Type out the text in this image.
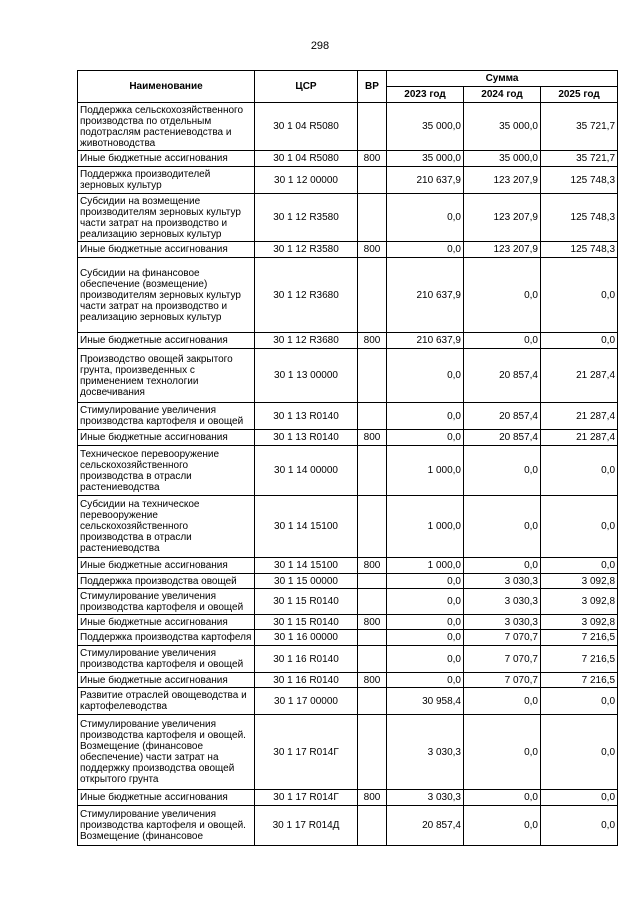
298
Наименование	ЦСР	ВР	Сумма		
			2023 год	2024 год	2025 год
Поддержка сельскохозяйственного производства по отдельным подотраслям растениеводства и животноводства	30 1 04 R5080		35 000,0	35 000,0	35 721,7
Иные бюджетные ассигнования	30 1 04 R5080	800	35 000,0	35 000,0	35 721,7
Поддержка производителей зерновых культур	30 1 12 00000		210 637,9	123 207,9	125 748,3
Субсидии на возмещение производителям зерновых культур части затрат на производство и реализацию зерновых культур	30 1 12 R3580		0,0	123 207,9	125 748,3
Иные бюджетные ассигнования	30 1 12 R3580	800	0,0	123 207,9	125 748,3
Субсидии на финансовое обеспечение (возмещение) производителям зерновых культур части затрат на производство и реализацию зерновых культур	30 1 12 R3680		210 637,9	0,0	0,0
Иные бюджетные ассигнования	30 1 12 R3680	800	210 637,9	0,0	0,0
Производство овощей закрытого грунта, произведенных с применением технологии досвечивания	30 1 13 00000		0,0	20 857,4	21 287,4
Стимулирование увеличения производства картофеля и овощей	30 1 13 R0140		0,0	20 857,4	21 287,4
Иные бюджетные ассигнования	30 1 13 R0140	800	0,0	20 857,4	21 287,4
Техническое перевооружение сельскохозяйственного производства в отрасли растениеводства	30 1 14 00000		1 000,0	0,0	0,0
Субсидии на техническое перевооружение сельскохозяйственного производства в отрасли растениеводства	30 1 14 15100		1 000,0	0,0	0,0
Иные бюджетные ассигнования	30 1 14 15100	800	1 000,0	0,0	0,0
Поддержка производства овощей	30 1 15 00000		0,0	3 030,3	3 092,8
Стимулирование увеличения производства картофеля и овощей	30 1 15 R0140		0,0	3 030,3	3 092,8
Иные бюджетные ассигнования	30 1 15 R0140	800	0,0	3 030,3	3 092,8
Поддержка производства картофеля	30 1 16 00000		0,0	7 070,7	7 216,5
Стимулирование увеличения производства картофеля и овощей	30 1 16 R0140		0,0	7 070,7	7 216,5
Иные бюджетные ассигнования	30 1 16 R0140	800	0,0	7 070,7	7 216,5
Развитие отраслей овощеводства и картофелеводства	30 1 17 00000		30 958,4	0,0	0,0
Стимулирование увеличения производства картофеля и овощей. Возмещение (финансовое обеспечение) части затрат на поддержку производства овощей открытого грунта	30 1 17 R014Г		3 030,3	0,0	0,0
Иные бюджетные ассигнования	30 1 17 R014Г	800	3 030,3	0,0	0,0
Стимулирование увеличения производства картофеля и овощей. Возмещение (финансовое	30 1 17 R014Д		20 857,4	0,0	0,0
